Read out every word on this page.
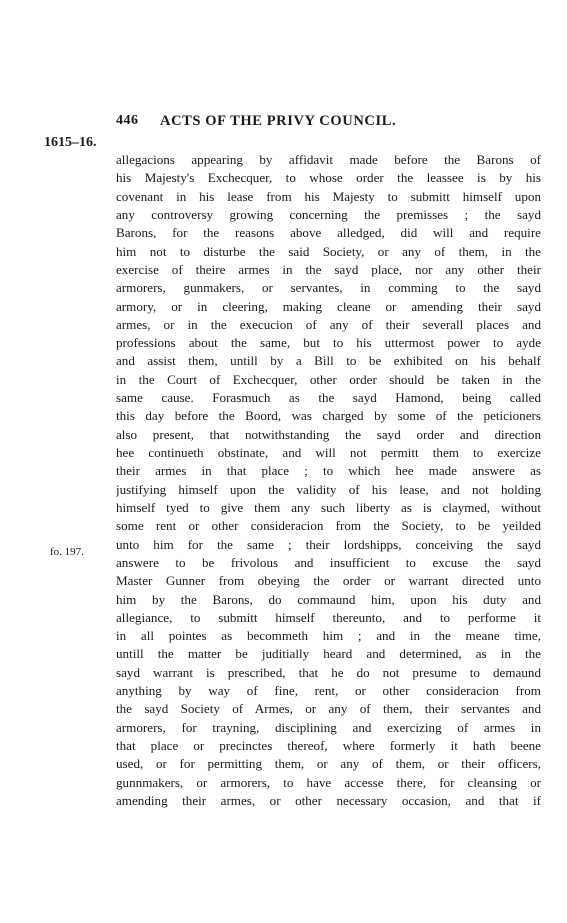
446 ACTS OF THE PRIVY COUNCIL.
1615–16.
fo. 197.
allegacions appearing by affidavit made before the Barons of
his Majesty's Exchecquer, to whose order the leassee is by his
covenant in his lease from his Majesty to submitt himself upon
any controversy growing concerning the premisses ; the sayd
Barons, for the reasons above alledged, did will and require
him not to disturbe the said Society, or any of them, in the
exercise of theire armes in the sayd place, nor any other their
armorers, gunmakers, or servantes, in comming to the sayd
armory, or in cleering, making cleane or amending their sayd
armes, or in the execucion of any of their severall places and
professions about the same, but to his uttermost power to ayde
and assist them, untill by a Bill to be exhibited on his behalf
in the Court of Exchecquer, other order should be taken in the
same cause. Forasmuch as the sayd Hamond, being called
this day before the Boord, was charged by some of the peticioners
also present, that notwithstanding the sayd order and direction
hee continueth obstinate, and will not permitt them to exercize
their armes in that place ; to which hee made answere as
justifying himself upon the validity of his lease, and not holding
himself tyed to give them any such liberty as is claymed, without
some rent or other consideracion from the Society, to be yeilded
unto him for the same ; their lordshipps, conceiving the sayd
answere to be frivolous and insufficient to excuse the sayd
Master Gunner from obeying the order or warrant directed unto
him by the Barons, do commaund him, upon his duty and
allegiance, to submitt himself thereunto, and to performe it
in all pointes as becommeth him ; and in the meane time,
untill the matter be juditially heard and determined, as in the
sayd warrant is prescribed, that he do not presume to demaund
anything by way of fine, rent, or other consideracion from
the sayd Society of Armes, or any of them, their servantes and
armorers, for trayning, disciplining and exercizing of armes in
that place or precinctes thereof, where formerly it hath beene
used, or for permitting them, or any of them, or their officers,
gunnmakers, or armorers, to have accesse there, for cleansing or
amending their armes, or other necessary occasion, and that if
